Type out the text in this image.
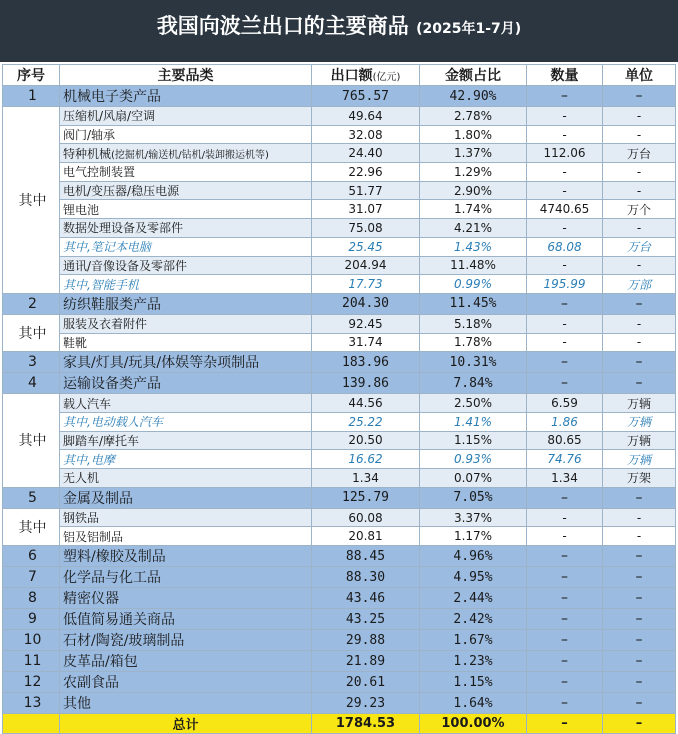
我国向波兰出口的主要商品 (2025年1-7月)
序号	主要品类	出口额(亿元)	金额占比	数量	单位
1	机械电子类产品	765.57	42.90%	–	–
其中	压缩机/风扇/空调	49.64	2.78%	-	-
	阀门/轴承	32.08	1.80%	-	-
	特种机械(挖掘机/输送机/钻机/装卸搬运机等)	24.40	1.37%	112.06	万台
	电气控制装置	22.96	1.29%	-	-
	电机/变压器/稳压电源	51.77	2.90%	-	-
	锂电池	31.07	1.74%	4740.65	万个
	数据处理设备及零部件	75.08	4.21%	-	-
	其中,笔记本电脑	25.45	1.43%	68.08	万台
	通讯/音像设备及零部件	204.94	11.48%	-	-
	其中,智能手机	17.73	0.99%	195.99	万部
2	纺织鞋服类产品	204.30	11.45%	–	–
其中	服装及衣着附件	92.45	5.18%	-	-
	鞋靴	31.74	1.78%	-	-
3	家具/灯具/玩具/体娱等杂项制品	183.96	10.31%	–	–
4	运输设备类产品	139.86	7.84%	–	–
其中	载人汽车	44.56	2.50%	6.59	万辆
	其中,电动载人汽车	25.22	1.41%	1.86	万辆
	脚踏车/摩托车	20.50	1.15%	80.65	万辆
	其中,电摩	16.62	0.93%	74.76	万辆
	无人机	1.34	0.07%	1.34	万架
5	金属及制品	125.79	7.05%	–	–
其中	钢铁品	60.08	3.37%	-	-
	铝及铝制品	20.81	1.17%	-	-
6	塑料/橡胶及制品	88.45	4.96%	–	–
7	化学品与化工品	88.30	4.95%	–	–
8	精密仪器	43.46	2.44%	–	–
9	低值简易通关商品	43.25	2.42%	–	–
10	石材/陶瓷/玻璃制品	29.88	1.67%	–	–
11	皮革品/箱包	21.89	1.23%	–	–
12	农副食品	20.61	1.15%	–	–
13	其他	29.23	1.64%	–	–
	总计	1784.53	100.00%	–	–
